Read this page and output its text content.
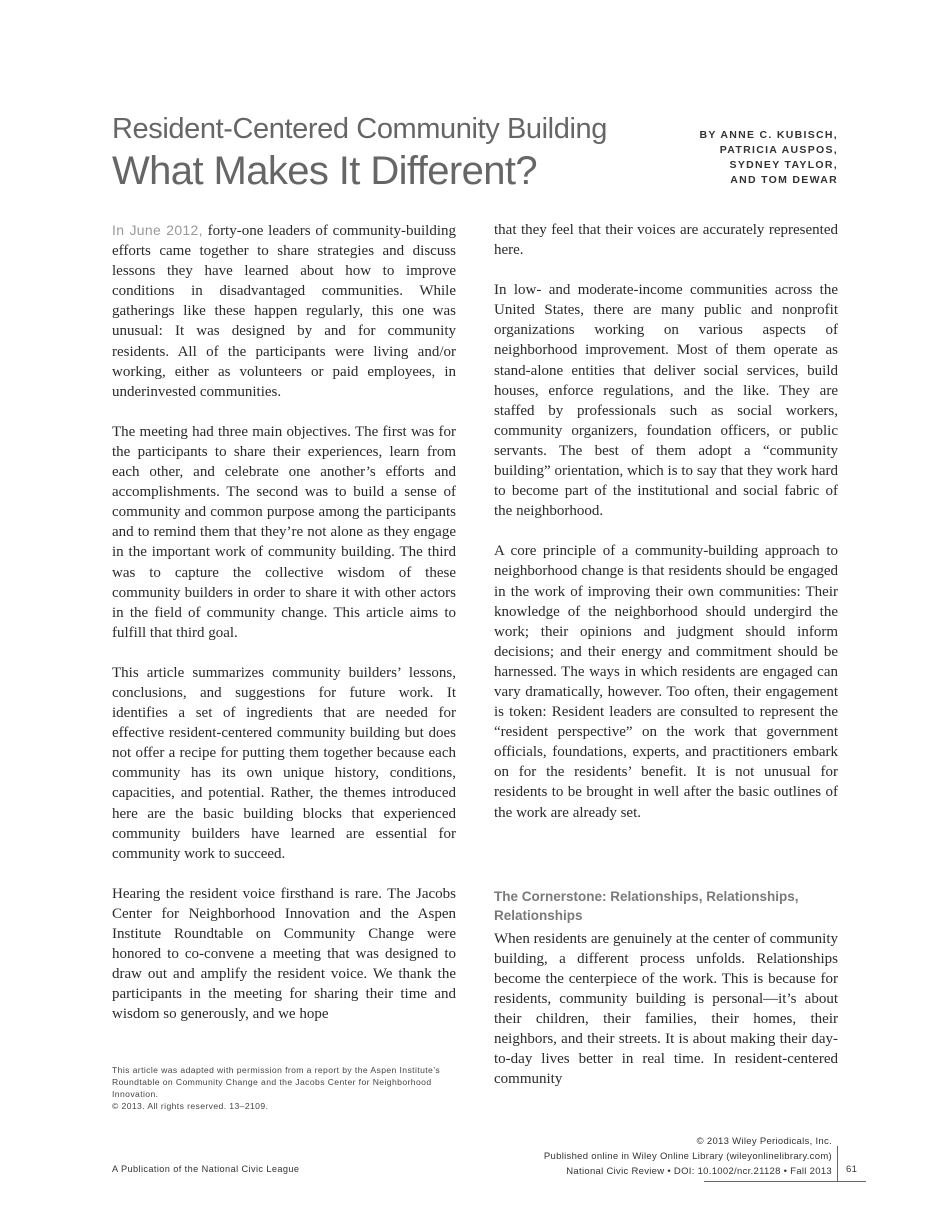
Resident-Centered Community Building
What Makes It Different?
BY ANNE C. KUBISCH,
PATRICIA AUSPOS,
SYDNEY TAYLOR,
AND TOM DEWAR

In June 2012, forty-one leaders of community-building efforts came together to share strategies and discuss lessons they have learned about how to improve conditions in disadvantaged communities. While gatherings like these happen regularly, this one was unusual: It was designed by and for community residents. All of the participants were living and/or working, either as volunteers or paid employees, in underinvested communities.

The meeting had three main objectives. The first was for the participants to share their experiences, learn from each other, and celebrate one another’s efforts and accomplishments. The second was to build a sense of community and common purpose among the participants and to remind them that they’re not alone as they engage in the important work of community building. The third was to capture the collective wisdom of these community builders in order to share it with other actors in the field of community change. This article aims to fulfill that third goal.

This article summarizes community builders’ lessons, conclusions, and suggestions for future work. It identifies a set of ingredients that are needed for effective resident-centered community building but does not offer a recipe for putting them together because each community has its own unique history, conditions, capacities, and potential. Rather, the themes introduced here are the basic building blocks that experienced community builders have learned are essential for community work to succeed.

Hearing the resident voice firsthand is rare. The Jacobs Center for Neighborhood Innovation and the Aspen Institute Roundtable on Community Change were honored to co-convene a meeting that was designed to draw out and amplify the resident voice. We thank the participants in the meeting for sharing their time and wisdom so generously, and we hope

that they feel that their voices are accurately represented here.

In low- and moderate-income communities across the United States, there are many public and nonprofit organizations working on various aspects of neighborhood improvement. Most of them operate as stand-alone entities that deliver social services, build houses, enforce regulations, and the like. They are staffed by professionals such as social workers, community organizers, foundation officers, or public servants. The best of them adopt a “community building” orientation, which is to say that they work hard to become part of the institutional and social fabric of the neighborhood.

A core principle of a community-building approach to neighborhood change is that residents should be engaged in the work of improving their own communities: Their knowledge of the neighborhood should undergird the work; their opinions and judgment should inform decisions; and their energy and commitment should be harnessed. The ways in which residents are engaged can vary dramatically, however. Too often, their engagement is token: Resident leaders are consulted to represent the “resident perspective” on the work that government officials, foundations, experts, and practitioners embark on for the residents’ benefit. It is not unusual for residents to be brought in well after the basic outlines of the work are already set.

The Cornerstone: Relationships, Relationships, Relationships

When residents are genuinely at the center of community building, a different process unfolds. Relationships become the centerpiece of the work. This is because for residents, community building is personal—it’s about their children, their families, their homes, their neighbors, and their streets. It is about making their day-to-day lives better in real time. In resident-centered community

This article was adapted with permission from a report by the Aspen Institute’s Roundtable on Community Change and the Jacobs Center for Neighborhood Innovation.
© 2013. All rights reserved. 13–2109.
A Publication of the National Civic League
© 2013 Wiley Periodicals, Inc.
Published online in Wiley Online Library (wileyonlinelibrary.com)
National Civic Review • DOI: 10.1002/ncr.21128 • Fall 2013 61
